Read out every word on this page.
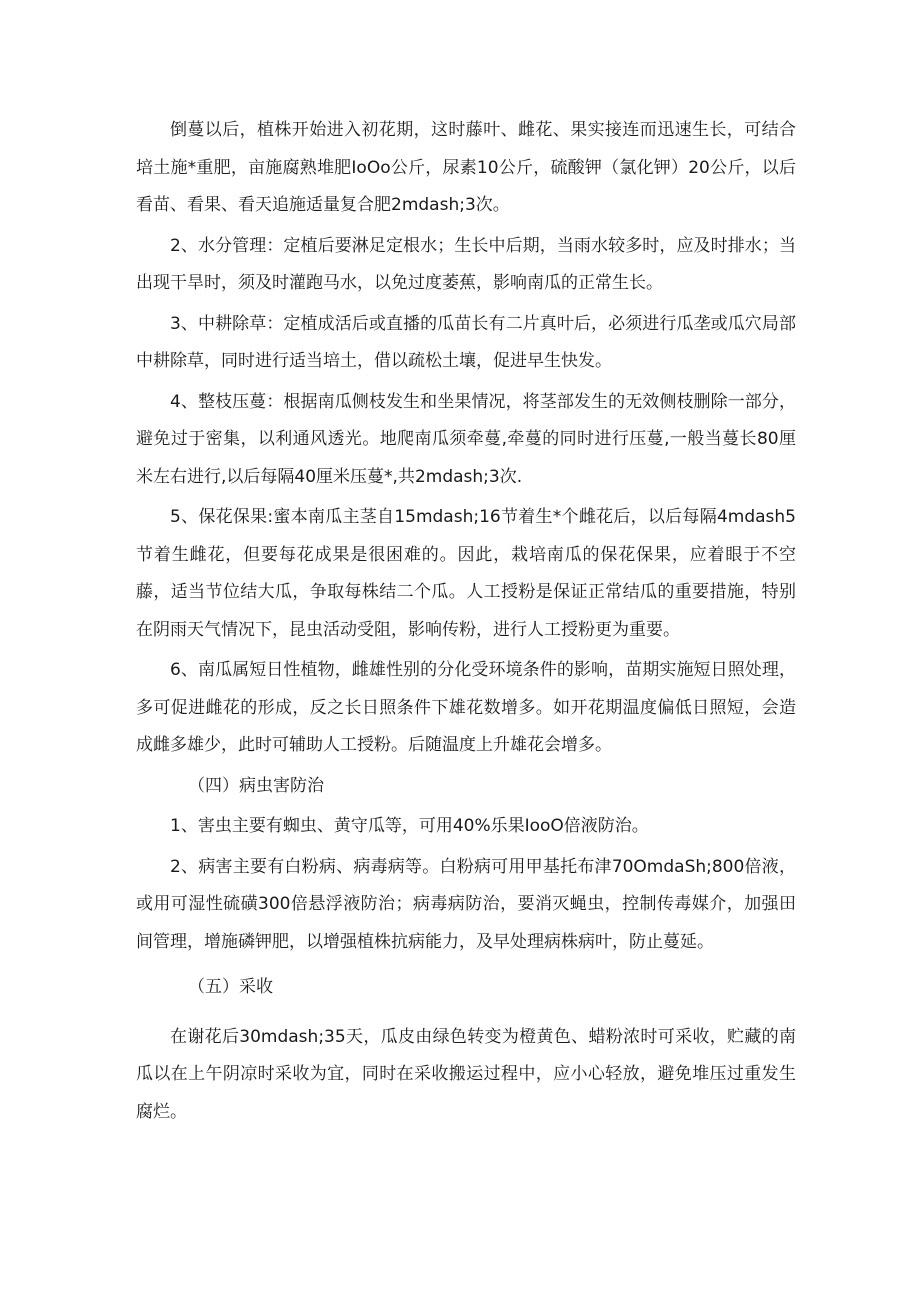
倒蔓以后，植株开始进入初花期，这时藤叶、雌花、果实接连而迅速生长，可结合培土施*重肥，亩施腐熟堆肥IoOo公斤，尿素10公斤，硫酸钾（氯化钾）20公斤，以后看苗、看果、看天追施适量复合肥2mdash;3次。

2、水分管理：定植后要淋足定根水；生长中后期，当雨水较多时，应及时排水；当出现干旱时，须及时灌跑马水，以免过度萎蕉，影响南瓜的正常生长。

3、中耕除草：定植成活后或直播的瓜苗长有二片真叶后，必须进行瓜垄或瓜穴局部中耕除草，同时进行适当培土，借以疏松土壤，促进早生快发。

4、整枝压蔓：根据南瓜侧枝发生和坐果情况，将茎部发生的无效侧枝删除一部分，避免过于密集，以利通风透光。地爬南瓜须牵蔓,牵蔓的同时进行压蔓,一般当蔓长80厘米左右进行,以后每隔40厘米压蔓*,共2mdash;3次.

5、保花保果:蜜本南瓜主茎自15mdash;16节着生*个雌花后，以后每隔4mdash5节着生雌花，但要每花成果是很困难的。因此，栽培南瓜的保花保果，应着眼于不空藤，适当节位结大瓜，争取每株结二个瓜。人工授粉是保证正常结瓜的重要措施，特别在阴雨天气情况下，昆虫活动受阻，影响传粉，进行人工授粉更为重要。

6、南瓜属短日性植物，雌雄性别的分化受环境条件的影响，苗期实施短日照处理，多可促进雌花的形成，反之长日照条件下雄花数增多。如开花期温度偏低日照短，会造成雌多雄少，此时可辅助人工授粉。后随温度上升雄花会增多。

（四）病虫害防治

1、害虫主要有蜘虫、黄守瓜等，可用40%乐果IooO倍液防治。

2、病害主要有白粉病、病毒病等。白粉病可用甲基托布津70OmdaSh;800倍液，或用可湿性硫磺300倍悬浮液防治；病毒病防治，要消灭蝇虫，控制传毒媒介，加强田间管理，增施磷钾肥，以增强植株抗病能力，及早处理病株病叶，防止蔓延。

（五）采收

在谢花后30mdash;35天，瓜皮由绿色转变为橙黄色、蜡粉浓时可采收，贮藏的南瓜以在上午阴凉时采收为宜，同时在采收搬运过程中，应小心轻放，避免堆压过重发生腐烂。
